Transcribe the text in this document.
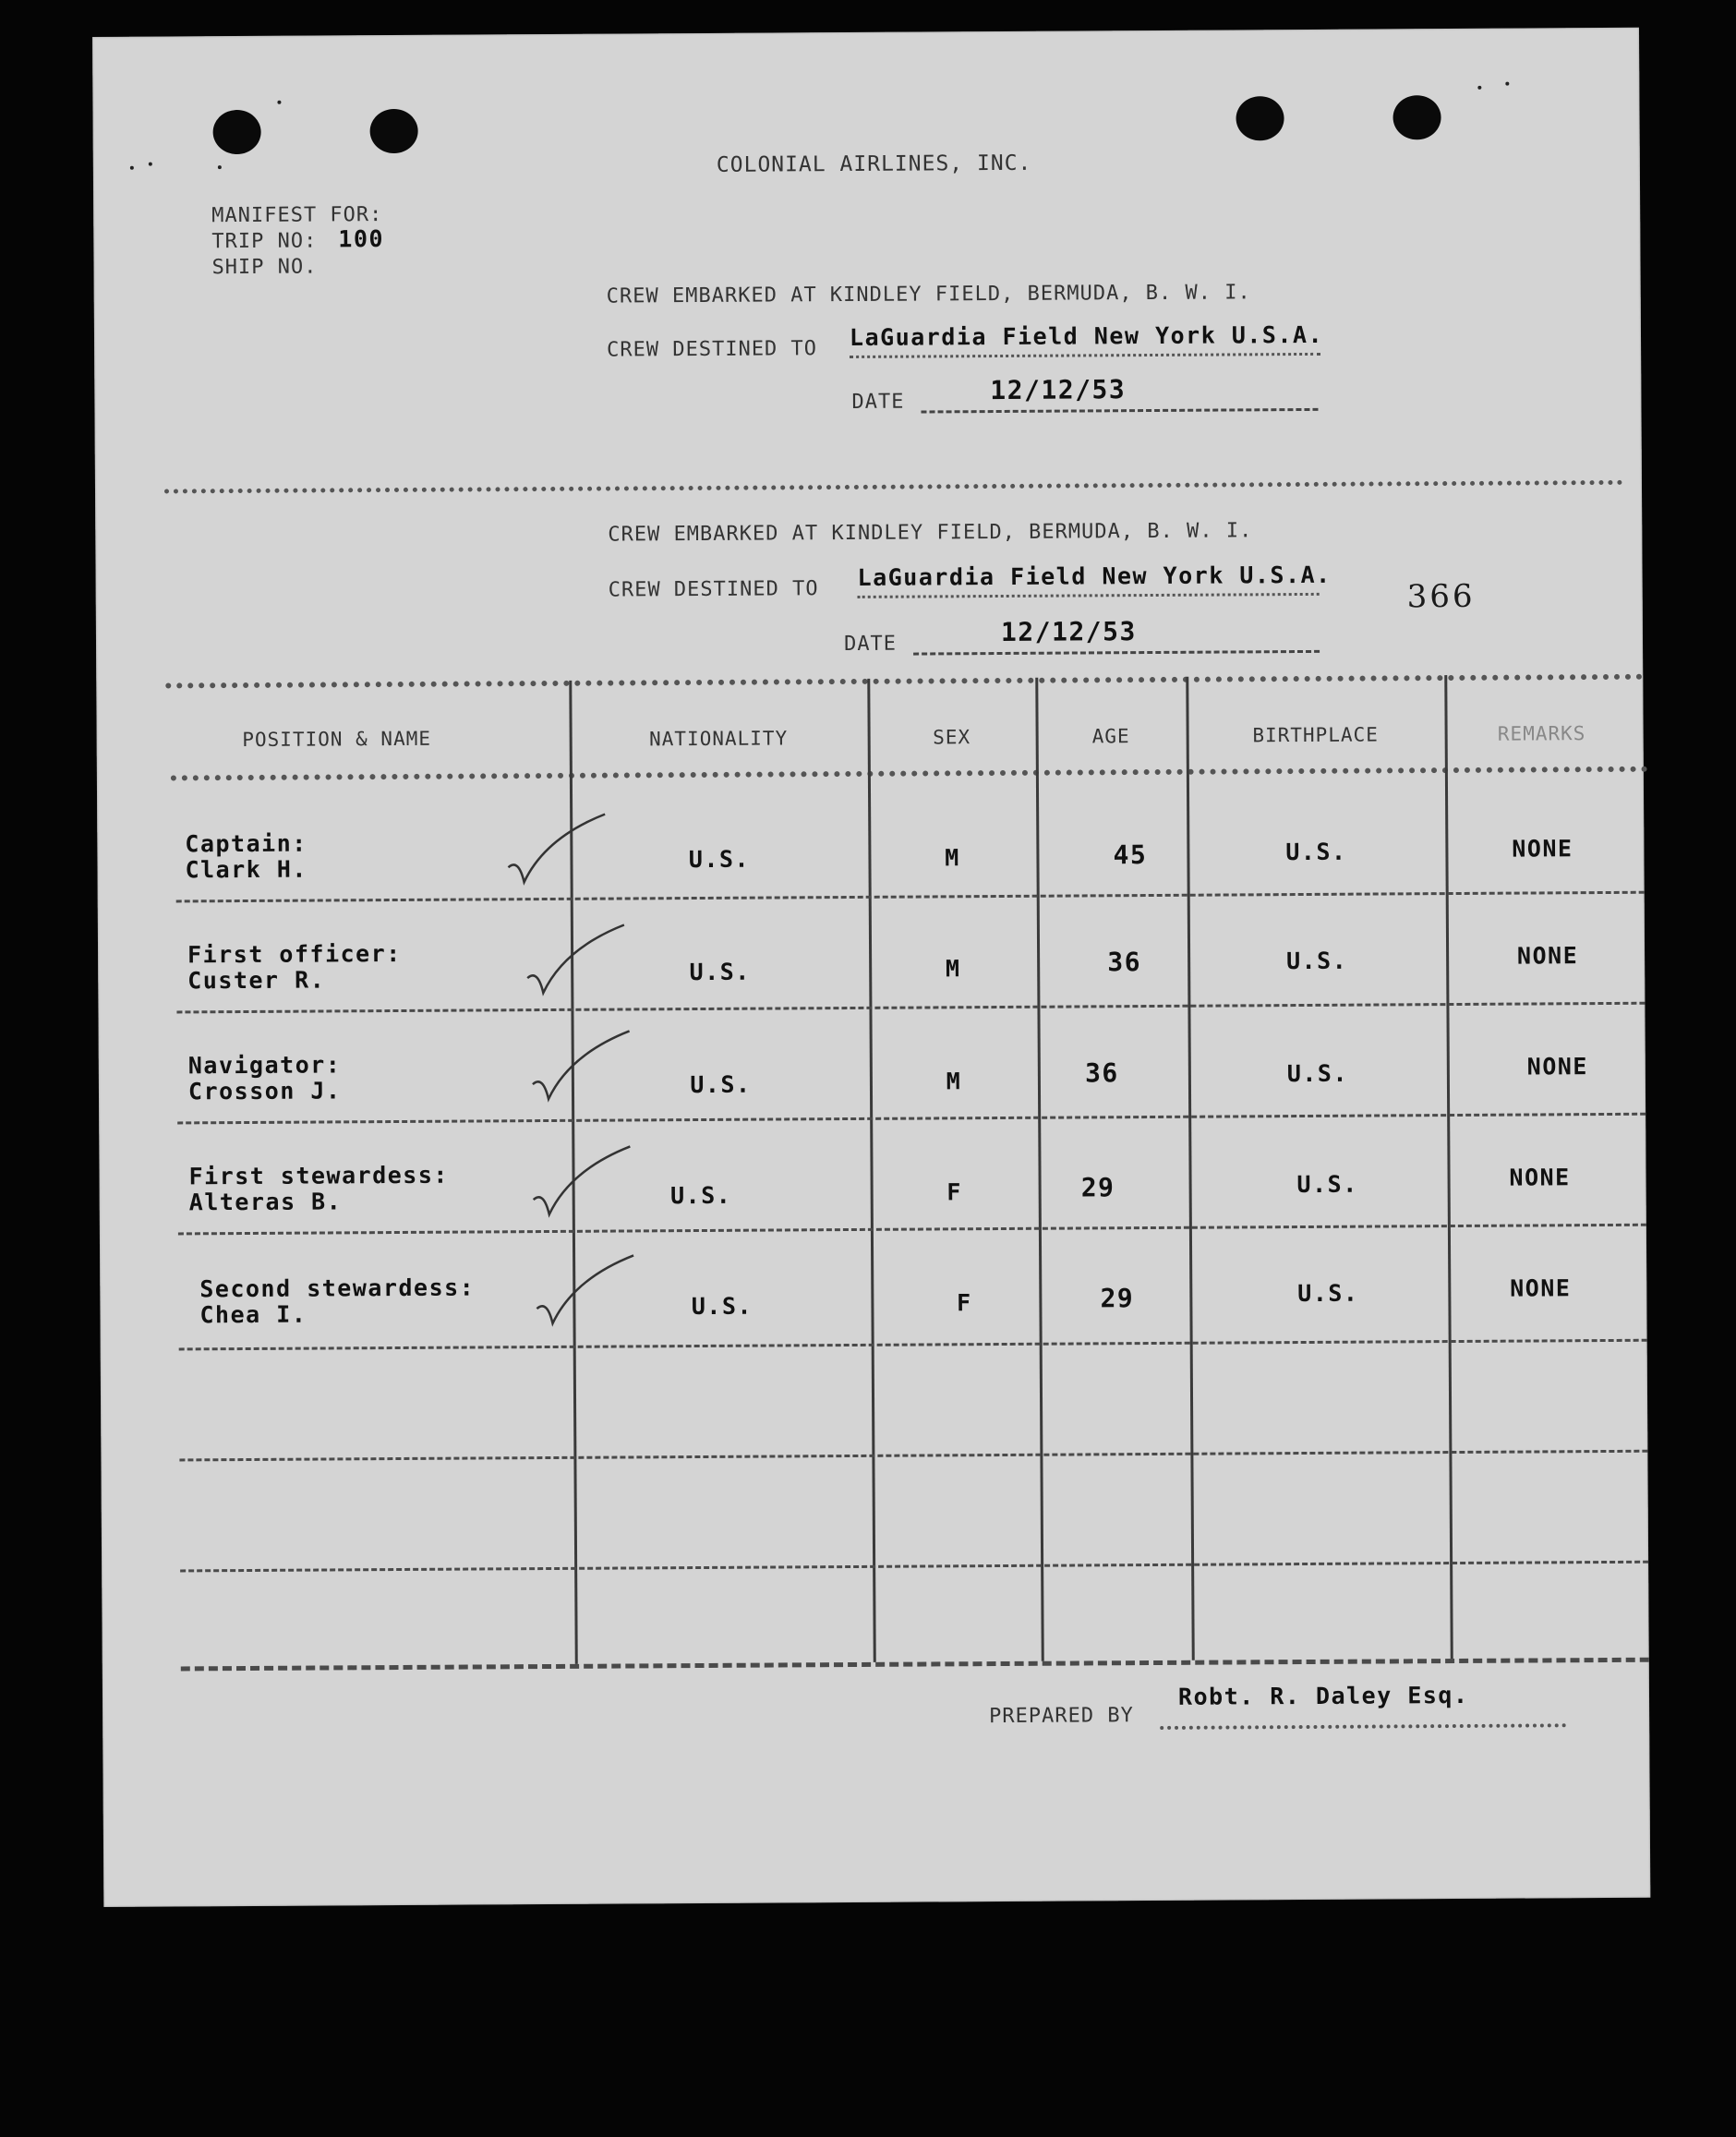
COLONIAL AIRLINES, INC.
MANIFEST FOR:
TRIP NO: 100
SHIP NO.
CREW EMBARKED AT KINDLEY FIELD, BERMUDA, B. W. I.
CREW DESTINED TO LaGuardia Field New York U.S.A.
DATE	12/12/53
CREW EMBARKED AT KINDLEY FIELD, BERMUDA, B. W. I.
CREW DESTINED TO LaGuardia Field New York U.S.A.
366
DATE	12/12/53
POSITION & NAME	NATIONALITY	SEX	AGE	BIRTHPLACE	REMARKS
Captain:
Clark H.	U.S.	M	45	U.S.	NONE
First officer:
Custer R.	U.S.	M	36	U.S.	NONE
Navigator:
Crosson J.	U.S.	M	36	U.S.	NONE
First stewardess:
Alteras B.	U.S.	F	29	U.S.	NONE
Second stewardess:
Chea I.	U.S.	F	29	U.S.	NONE
PREPARED BY
Robt. R. Daley Esq.
